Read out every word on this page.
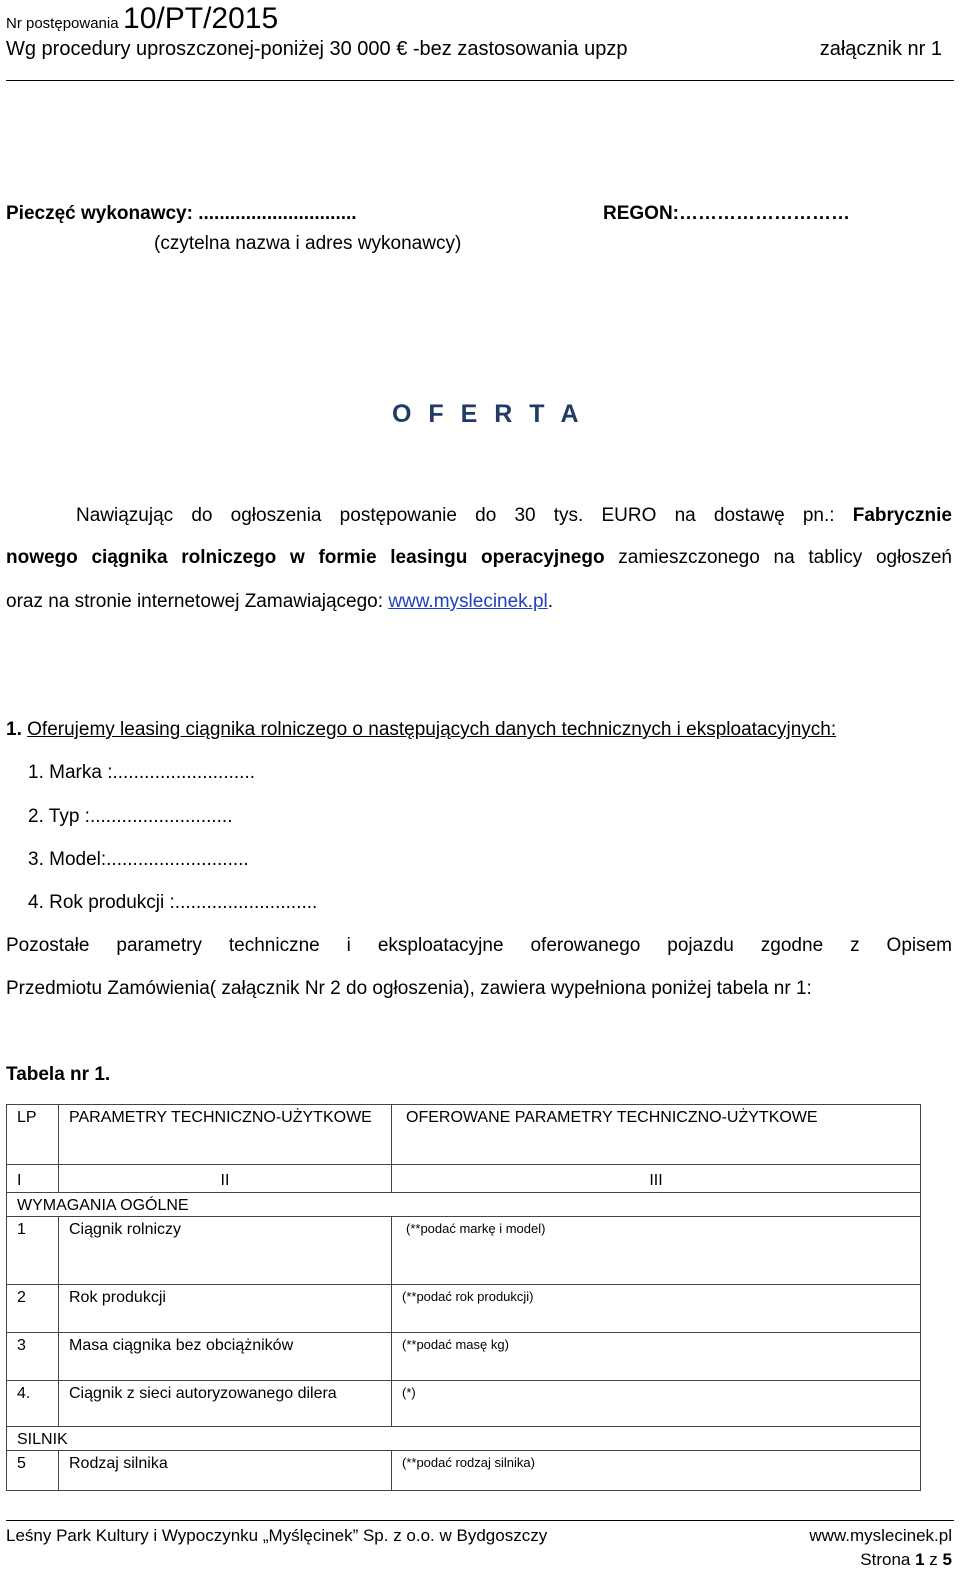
Nr postępowania 10/PT/2015
Wg procedury uproszczonej-poniżej 30 000 € -bez zastosowania upzp	załącznik nr 1
Pieczęć wykonawcy: ..............................
(czytelna nazwa i adres wykonawcy)
REGON:………………………
O F E R T A
Nawiązując do ogłoszenia postępowanie do 30 tys. EURO na dostawę pn.: Fabrycznie
nowego ciągnika rolniczego w formie leasingu operacyjnego zamieszczonego na tablicy ogłoszeń
oraz na stronie internetowej Zamawiającego: www.myslecinek.pl.
1. Oferujemy leasing ciągnika rolniczego o następujących danych technicznych i eksploatacyjnych:
1. Marka :...........................
2. Typ :...........................
3. Model:...........................
4. Rok produkcji :...........................
Pozostałe parametry techniczne i eksploatacyjne oferowanego pojazdu zgodne z Opisem
Przedmiotu Zamówienia( załącznik Nr 2 do ogłoszenia), zawiera wypełniona poniżej tabela nr 1:
Tabela nr 1.
LP	PARAMETRY TECHNICZNO-UŻYTKOWE	OFEROWANE PARAMETRY TECHNICZNO-UŻYTKOWE
I	II	III
WYMAGANIA OGÓLNE		
1	Ciągnik rolniczy	(**podać markę i model)
2	Rok produkcji	(**podać rok produkcji)
3	Masa ciągnika bez obciążników	(**podać masę kg)
4.	Ciągnik z sieci autoryzowanego dilera	(*)
SILNIK		
5	Rodzaj silnika	(**podać rodzaj silnika)
Leśny Park Kultury i Wypoczynku „Myślęcinek” Sp. z o.o. w Bydgoszczy	www.myslecinek.pl
Strona 1 z 5
